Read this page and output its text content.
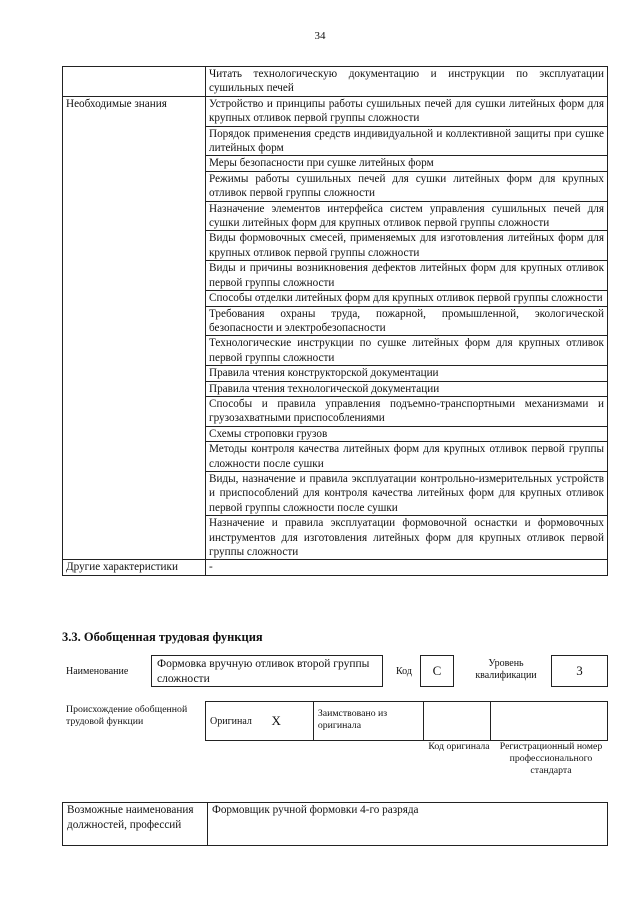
34
	Читать технологическую документацию и инструкции по эксплуатации сушильных печей
Необходимые знания	Устройство и принципы работы сушильных печей для сушки литейных форм для крупных отливок первой группы сложности
	Порядок применения средств индивидуальной и коллективной защиты при сушке литейных форм
	Меры безопасности при сушке литейных форм
	Режимы работы сушильных печей для сушки литейных форм для крупных отливок первой группы сложности
	Назначение элементов интерфейса систем управления сушильных печей для сушки литейных форм для крупных отливок первой группы сложности
	Виды формовочных смесей, применяемых для изготовления литейных форм для крупных отливок первой группы сложности
	Виды и причины возникновения дефектов литейных форм для крупных отливок первой группы сложности
	Способы отделки литейных форм для крупных отливок первой группы сложности
	Требования охраны труда, пожарной, промышленной, экологической безопасности и электробезопасности
	Технологические инструкции по сушке литейных форм для крупных отливок первой группы сложности
	Правила чтения конструкторской документации
	Правила чтения технологической документации
	Способы и правила управления подъемно-транспортными механизмами и грузозахватными приспособлениями
	Схемы строповки грузов
	Методы контроля качества литейных форм для крупных отливок первой группы сложности после сушки
	Виды, назначение и правила эксплуатации контрольно-измерительных устройств и приспособлений для контроля качества литейных форм для крупных отливок первой группы сложности после сушки
	Назначение и правила эксплуатации формовочной оснастки и формовочных инструментов для изготовления литейных форм для крупных отливок первой группы сложности
Другие характеристики	-
3.3. Обобщенная трудовая функция
Наименование
Формовка вручную отливок второй группы сложности
Код	C	Уровень квалификации	3
Происхождение обобщенной трудовой функции	Оригинал	X	Заимствовано из оригинала		
Код оригинала	Регистрационный номер профессионального стандарта
Возможные наименования должностей, профессий	Формовщик ручной формовки 4-го разряда
